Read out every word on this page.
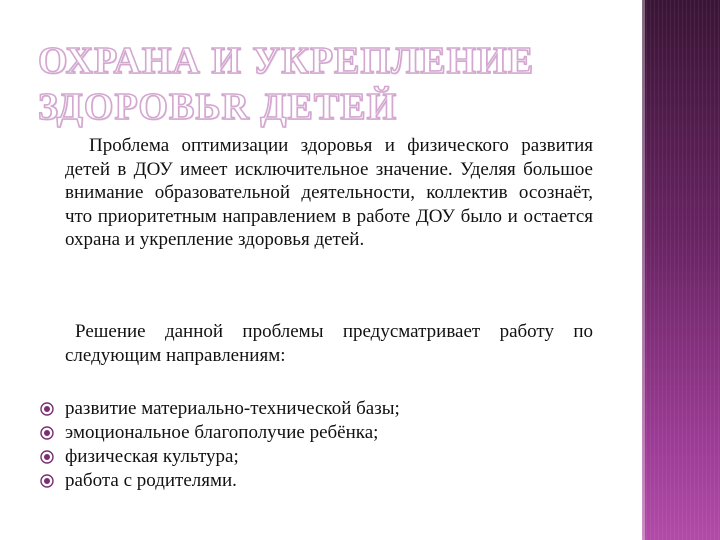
ОХРАНА И УКРЕПЛЕНИЕ
ЗДОРОВЬR ДЕТЕЙ

Проблема оптимизации здоровья и физического развития детей в ДОУ имеет исключительное значение. Уделяя большое внимание образовательной деятельности, коллектив осознаёт, что приоритетным направлением в работе ДОУ было и остается охрана и укрепление здоровья детей.

Решение данной проблемы предусматривает работу по следующим направлениям:

развитие материально-технической базы;
эмоциональное благополучие ребёнка;
физическая культура;
работа с родителями.
